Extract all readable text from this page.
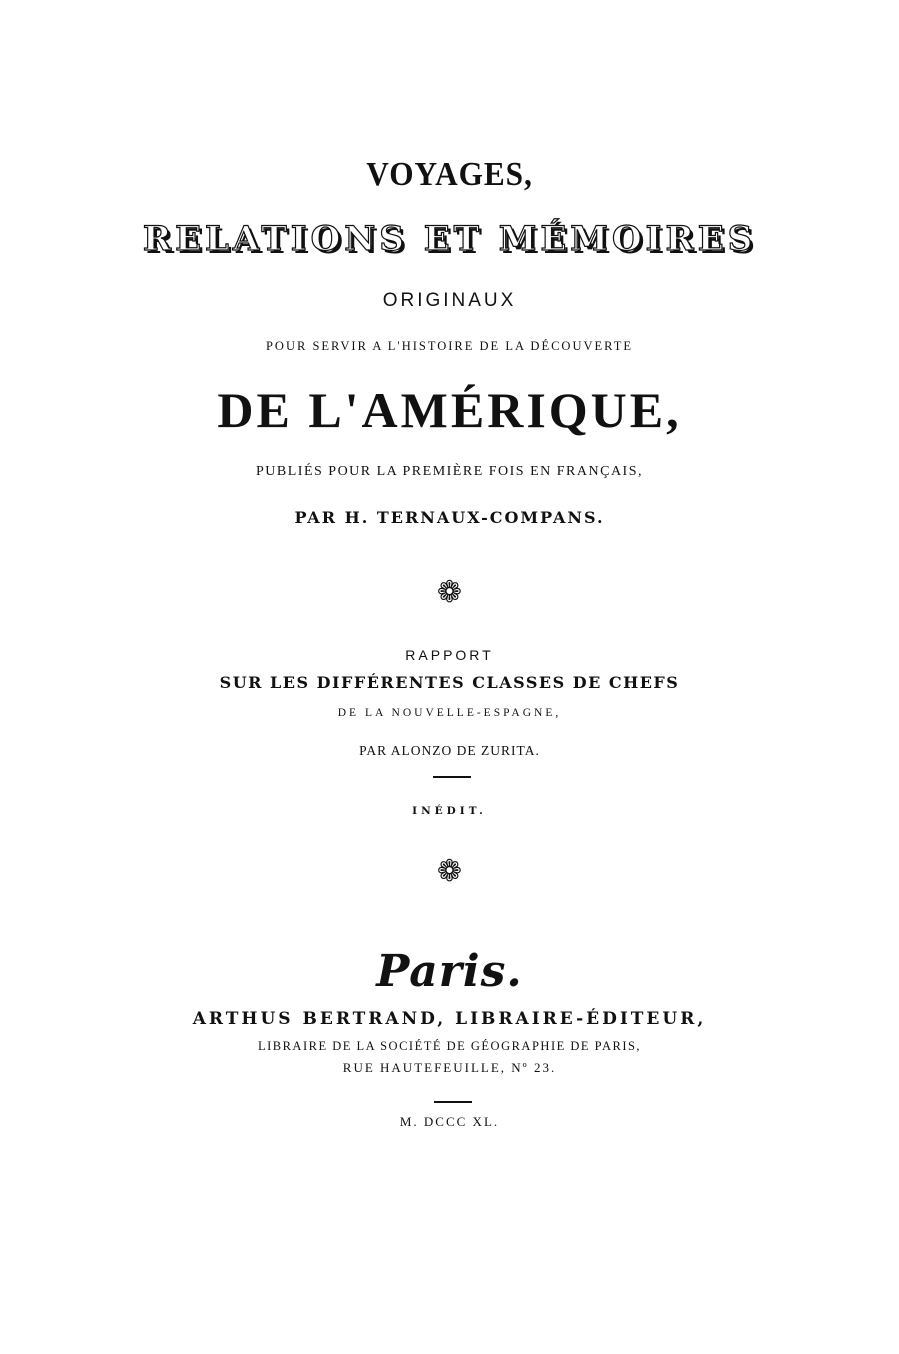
VOYAGES,
RELATIONS ET MÉMOIRES
ORIGINAUX
POUR SERVIR A L'HISTOIRE DE LA DÉCOUVERTE
DE L'AMÉRIQUE,
PUBLIÉS POUR LA PREMIÈRE FOIS EN FRANÇAIS,
PAR H. TERNAUX-COMPANS.
❁
RAPPORT
SUR LES DIFFÉRENTES CLASSES DE CHEFS
DE LA NOUVELLE-ESPAGNE,
PAR ALONZO DE ZURITA.
INÉDIT.
❁
Paris.
ARTHUS BERTRAND, LIBRAIRE-ÉDITEUR,
LIBRAIRE DE LA SOCIÉTÉ DE GÉOGRAPHIE DE PARIS,
RUE HAUTEFEUILLE, Nº 23.
M. DCCC XL.
